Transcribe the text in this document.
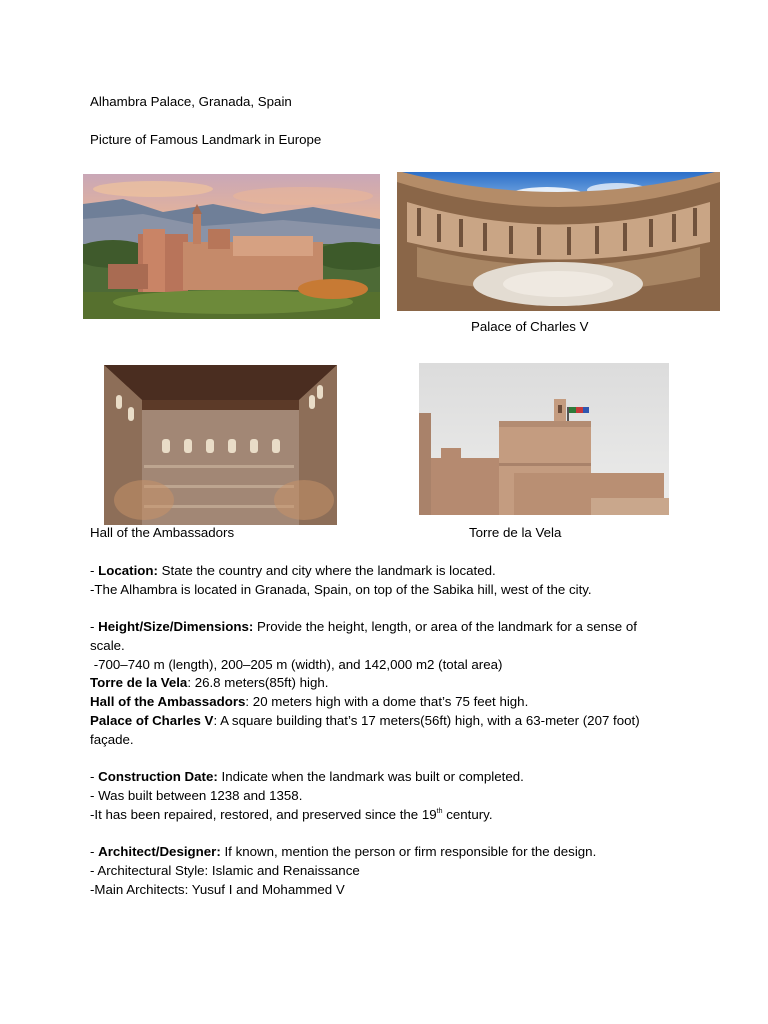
Alhambra Palace, Granada, Spain
Picture of Famous Landmark in Europe
Palace of Charles V
Hall of the Ambassadors	Torre de la Vela
- Location: State the country and city where the landmark is located.
-The Alhambra is located in Granada, Spain, on top of the Sabika hill, west of the city.
- Height/Size/Dimensions: Provide the height, length, or area of the landmark for a sense of
scale.
-700–740 m (length), 200–205 m (width), and 142,000 m2 (total area)
Torre de la Vela: 26.8 meters(85ft) high.
Hall of the Ambassadors: 20 meters high with a dome that’s 75 feet high.
Palace of Charles V: A square building that’s 17 meters(56ft) high, with a 63-meter (207 foot)
façade.
- Construction Date: Indicate when the landmark was built or completed.
- Was built between 1238 and 1358.
-It has been repaired, restored, and preserved since the 19th century.
- Architect/Designer: If known, mention the person or firm responsible for the design.
- Architectural Style: Islamic and Renaissance
-Main Architects: Yusuf I and Mohammed V
